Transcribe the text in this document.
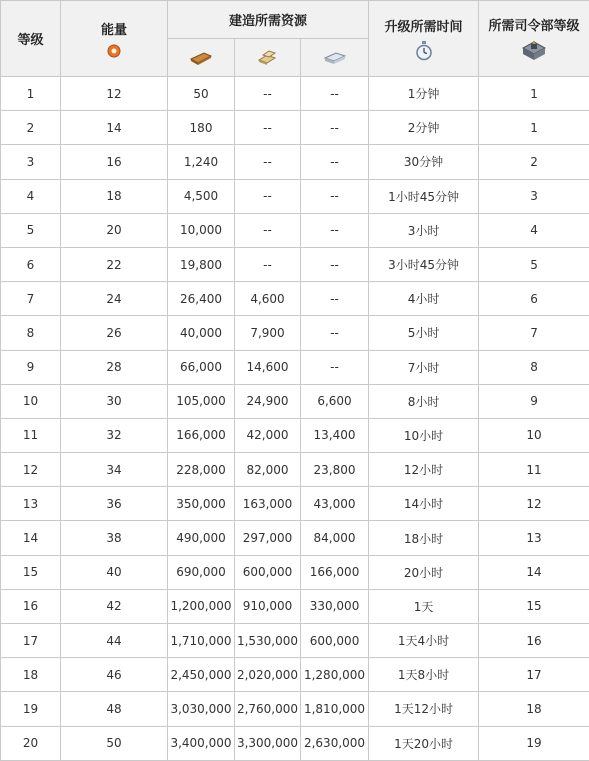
等级	能量	建造所需资源			升级所需时间	所需司令部等级

1	12	50	--	--	1分钟	1
2	14	180	--	--	2分钟	1
3	16	1,240	--	--	30分钟	2
4	18	4,500	--	--	1小时45分钟	3
5	20	10,000	--	--	3小时	4
6	22	19,800	--	--	3小时45分钟	5
7	24	26,400	4,600	--	4小时	6
8	26	40,000	7,900	--	5小时	7
9	28	66,000	14,600	--	7小时	8
10	30	105,000	24,900	6,600	8小时	9
11	32	166,000	42,000	13,400	10小时	10
12	34	228,000	82,000	23,800	12小时	11
13	36	350,000	163,000	43,000	14小时	12
14	38	490,000	297,000	84,000	18小时	13
15	40	690,000	600,000	166,000	20小时	14
16	42	1,200,000	910,000	330,000	1天	15
17	44	1,710,000	1,530,000	600,000	1天4小时	16
18	46	2,450,000	2,020,000	1,280,000	1天8小时	17
19	48	3,030,000	2,760,000	1,810,000	1天12小时	18
20	50	3,400,000	3,300,000	2,630,000	1天20小时	19
